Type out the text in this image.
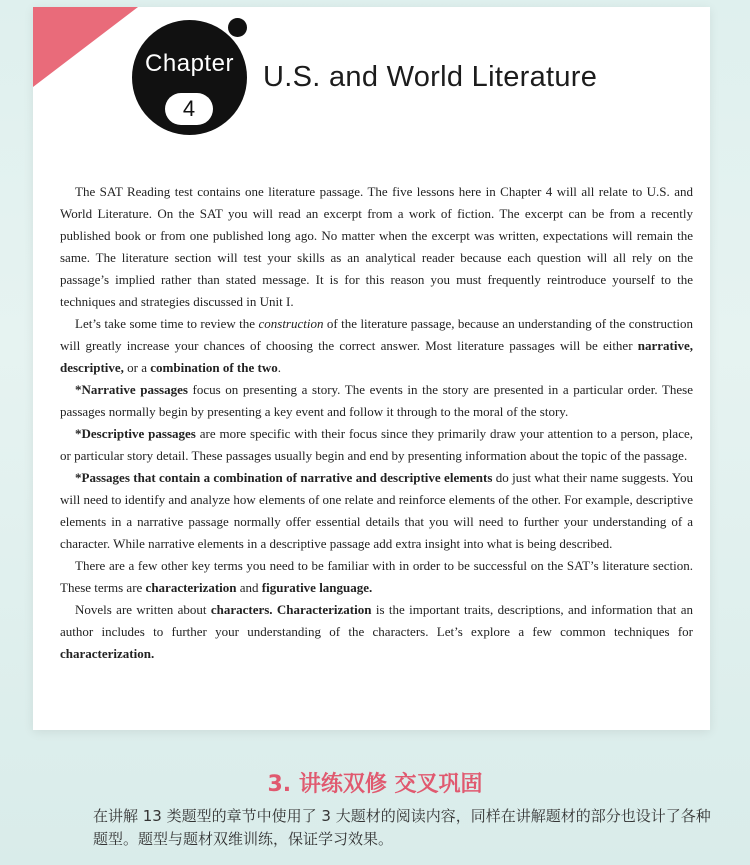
Chapter
4
U.S. and World Literature

The SAT Reading test contains one literature passage. The five lessons here in Chapter 4 will all relate to U.S. and World Literature. On the SAT you will read an excerpt from a work of fiction. The excerpt can be from a recently published book or from one published long ago. No matter when the excerpt was written, expectations will remain the same. The literature section will test your skills as an analytical reader because each question will all rely on the passage’s implied rather than stated message. It is for this reason you must frequently reintroduce yourself to the techniques and strategies discussed in Unit I.

Let’s take some time to review the construction of the literature passage, because an understanding of the construction will greatly increase your chances of choosing the correct answer. Most literature passages will be either narrative, descriptive, or a combination of the two.

*Narrative passages focus on presenting a story. The events in the story are presented in a particular order. These passages normally begin by presenting a key event and follow it through to the moral of the story.

*Descriptive passages are more specific with their focus since they primarily draw your attention to a person, place, or particular story detail. These passages usually begin and end by presenting information about the topic of the passage.

*Passages that contain a combination of narrative and descriptive elements do just what their name suggests. You will need to identify and analyze how elements of one relate and reinforce elements of the other. For example, descriptive elements in a narrative passage normally offer essential details that you will need to further your understanding of a character. While narrative elements in a descriptive passage add extra insight into what is being described.

There are a few other key terms you need to be familiar with in order to be successful on the SAT’s literature section. These terms are characterization and figurative language.

Novels are written about characters. Characterization is the important traits, descriptions, and information that an author includes to further your understanding of the characters. Let’s explore a few common techniques for characterization.

3. 讲练双修 交叉巩固
在讲解 13 类题型的章节中使用了 3 大题材的阅读内容，同样在讲解题材的部分也设计了各种题型。题型与题材双维训练，保证学习效果。
